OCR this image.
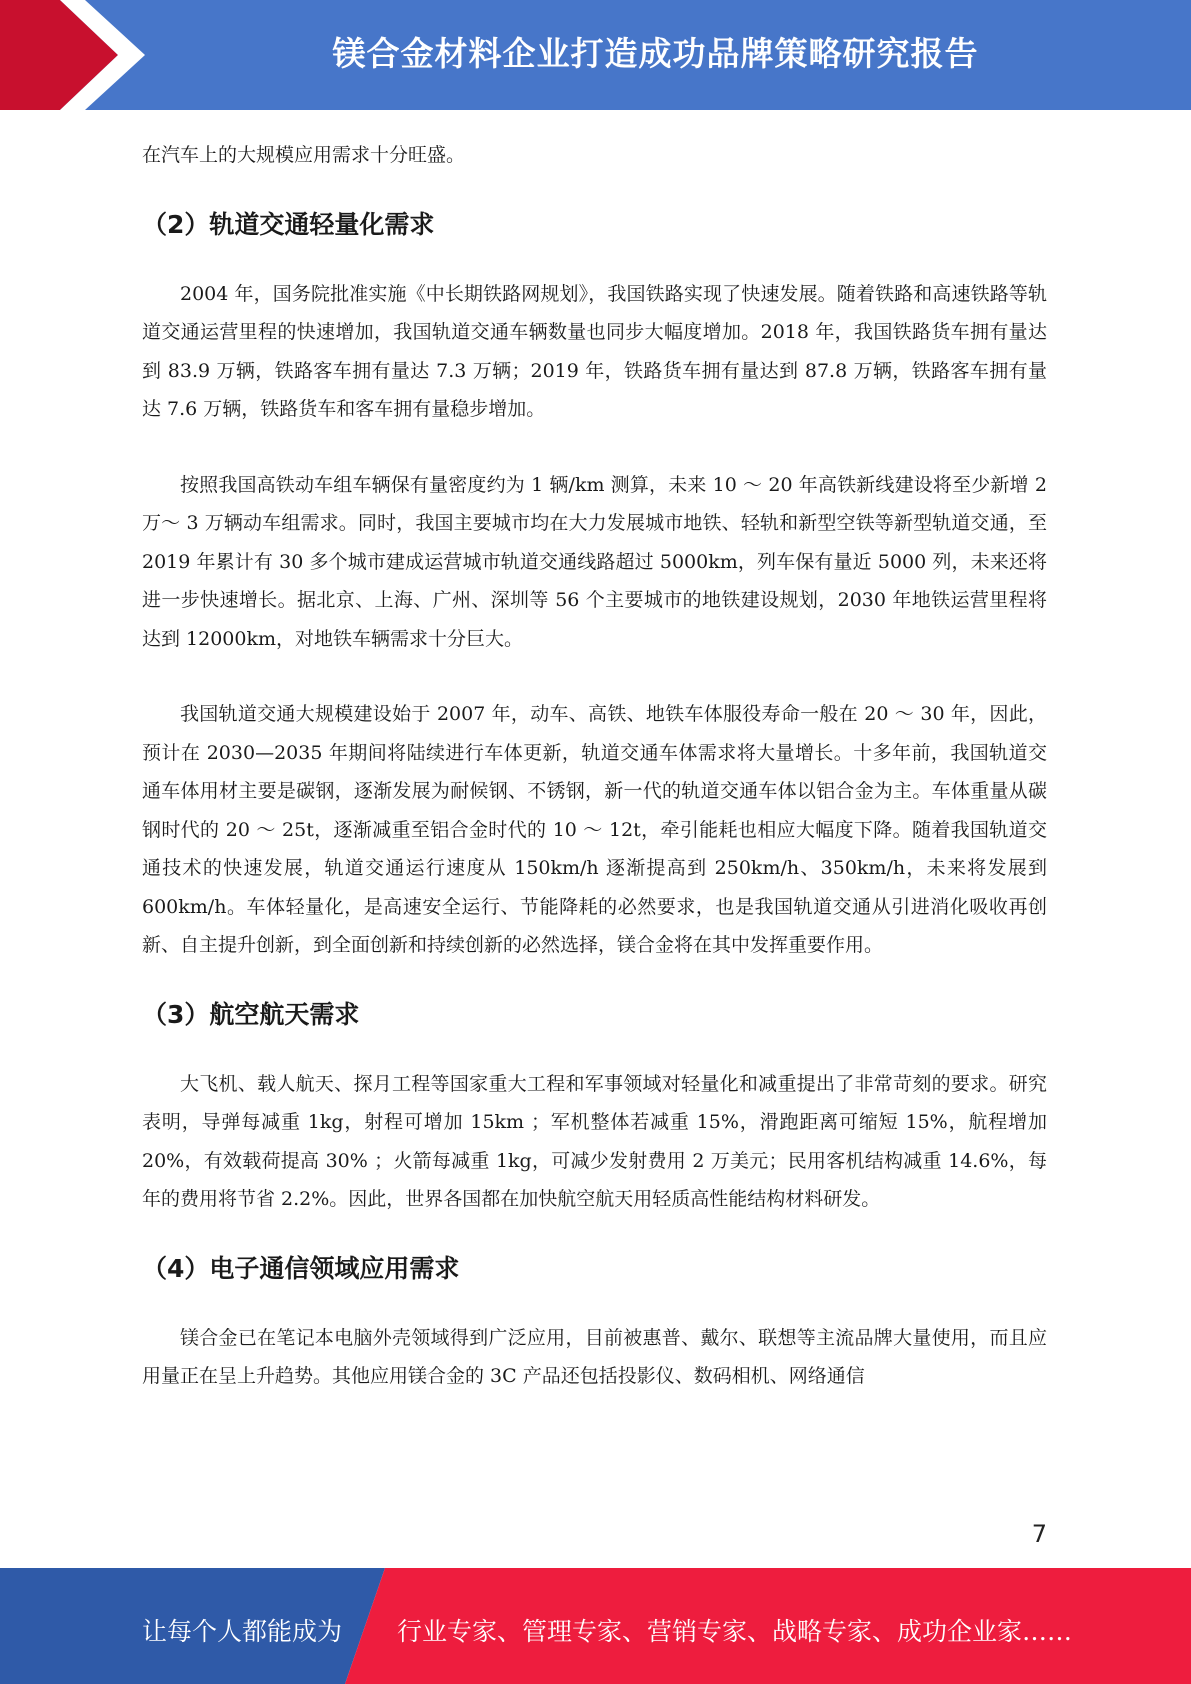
镁合金材料企业打造成功品牌策略研究报告

在汽车上的大规模应用需求十分旺盛。

（2）轨道交通轻量化需求

2004 年，国务院批准实施《中长期铁路网规划》，我国铁路实现了快速发展。随着铁路和高速铁路等轨道交通运营里程的快速增加，我国轨道交通车辆数量也同步大幅度增加。2018 年，我国铁路货车拥有量达到 83.9 万辆，铁路客车拥有量达 7.3 万辆；2019 年，铁路货车拥有量达到 87.8 万辆，铁路客车拥有量达 7.6 万辆，铁路货车和客车拥有量稳步增加。

按照我国高铁动车组车辆保有量密度约为 1 辆/km 测算，未来 10 ～ 20 年高铁新线建设将至少新增 2 万～ 3 万辆动车组需求。同时，我国主要城市均在大力发展城市地铁、轻轨和新型空铁等新型轨道交通，至 2019 年累计有 30 多个城市建成运营城市轨道交通线路超过 5000km，列车保有量近 5000 列，未来还将进一步快速增长。据北京、上海、广州、深圳等 56 个主要城市的地铁建设规划，2030 年地铁运营里程将达到 12000km，对地铁车辆需求十分巨大。

我国轨道交通大规模建设始于 2007 年，动车、高铁、地铁车体服役寿命一般在 20 ～ 30 年，因此，预计在 2030—2035 年期间将陆续进行车体更新，轨道交通车体需求将大量增长。十多年前，我国轨道交通车体用材主要是碳钢，逐渐发展为耐候钢、不锈钢，新一代的轨道交通车体以铝合金为主。车体重量从碳钢时代的 20 ～ 25t，逐渐减重至铝合金时代的 10 ～ 12t，牵引能耗也相应大幅度下降。随着我国轨道交通技术的快速发展，轨道交通运行速度从 150km/h 逐渐提高到 250km/h、350km/h，未来将发展到 600km/h。车体轻量化，是高速安全运行、节能降耗的必然要求，也是我国轨道交通从引进消化吸收再创新、自主提升创新，到全面创新和持续创新的必然选择，镁合金将在其中发挥重要作用。

（3）航空航天需求

大飞机、载人航天、探月工程等国家重大工程和军事领域对轻量化和减重提出了非常苛刻的要求。研究表明，导弹每减重 1kg，射程可增加 15km ；军机整体若减重 15%，滑跑距离可缩短 15%，航程增加 20%，有效载荷提高 30% ；火箭每减重 1kg，可减少发射费用 2 万美元；民用客机结构减重 14.6%，每年的费用将节省 2.2%。因此，世界各国都在加快航空航天用轻质高性能结构材料研发。

（4）电子通信领域应用需求

镁合金已在笔记本电脑外壳领域得到广泛应用，目前被惠普、戴尔、联想等主流品牌大量使用，而且应用量正在呈上升趋势。其他应用镁合金的 3C 产品还包括投影仪、数码相机、网络通信

7
让每个人都能成为 行业专家、管理专家、营销专家、战略专家、成功企业家……
